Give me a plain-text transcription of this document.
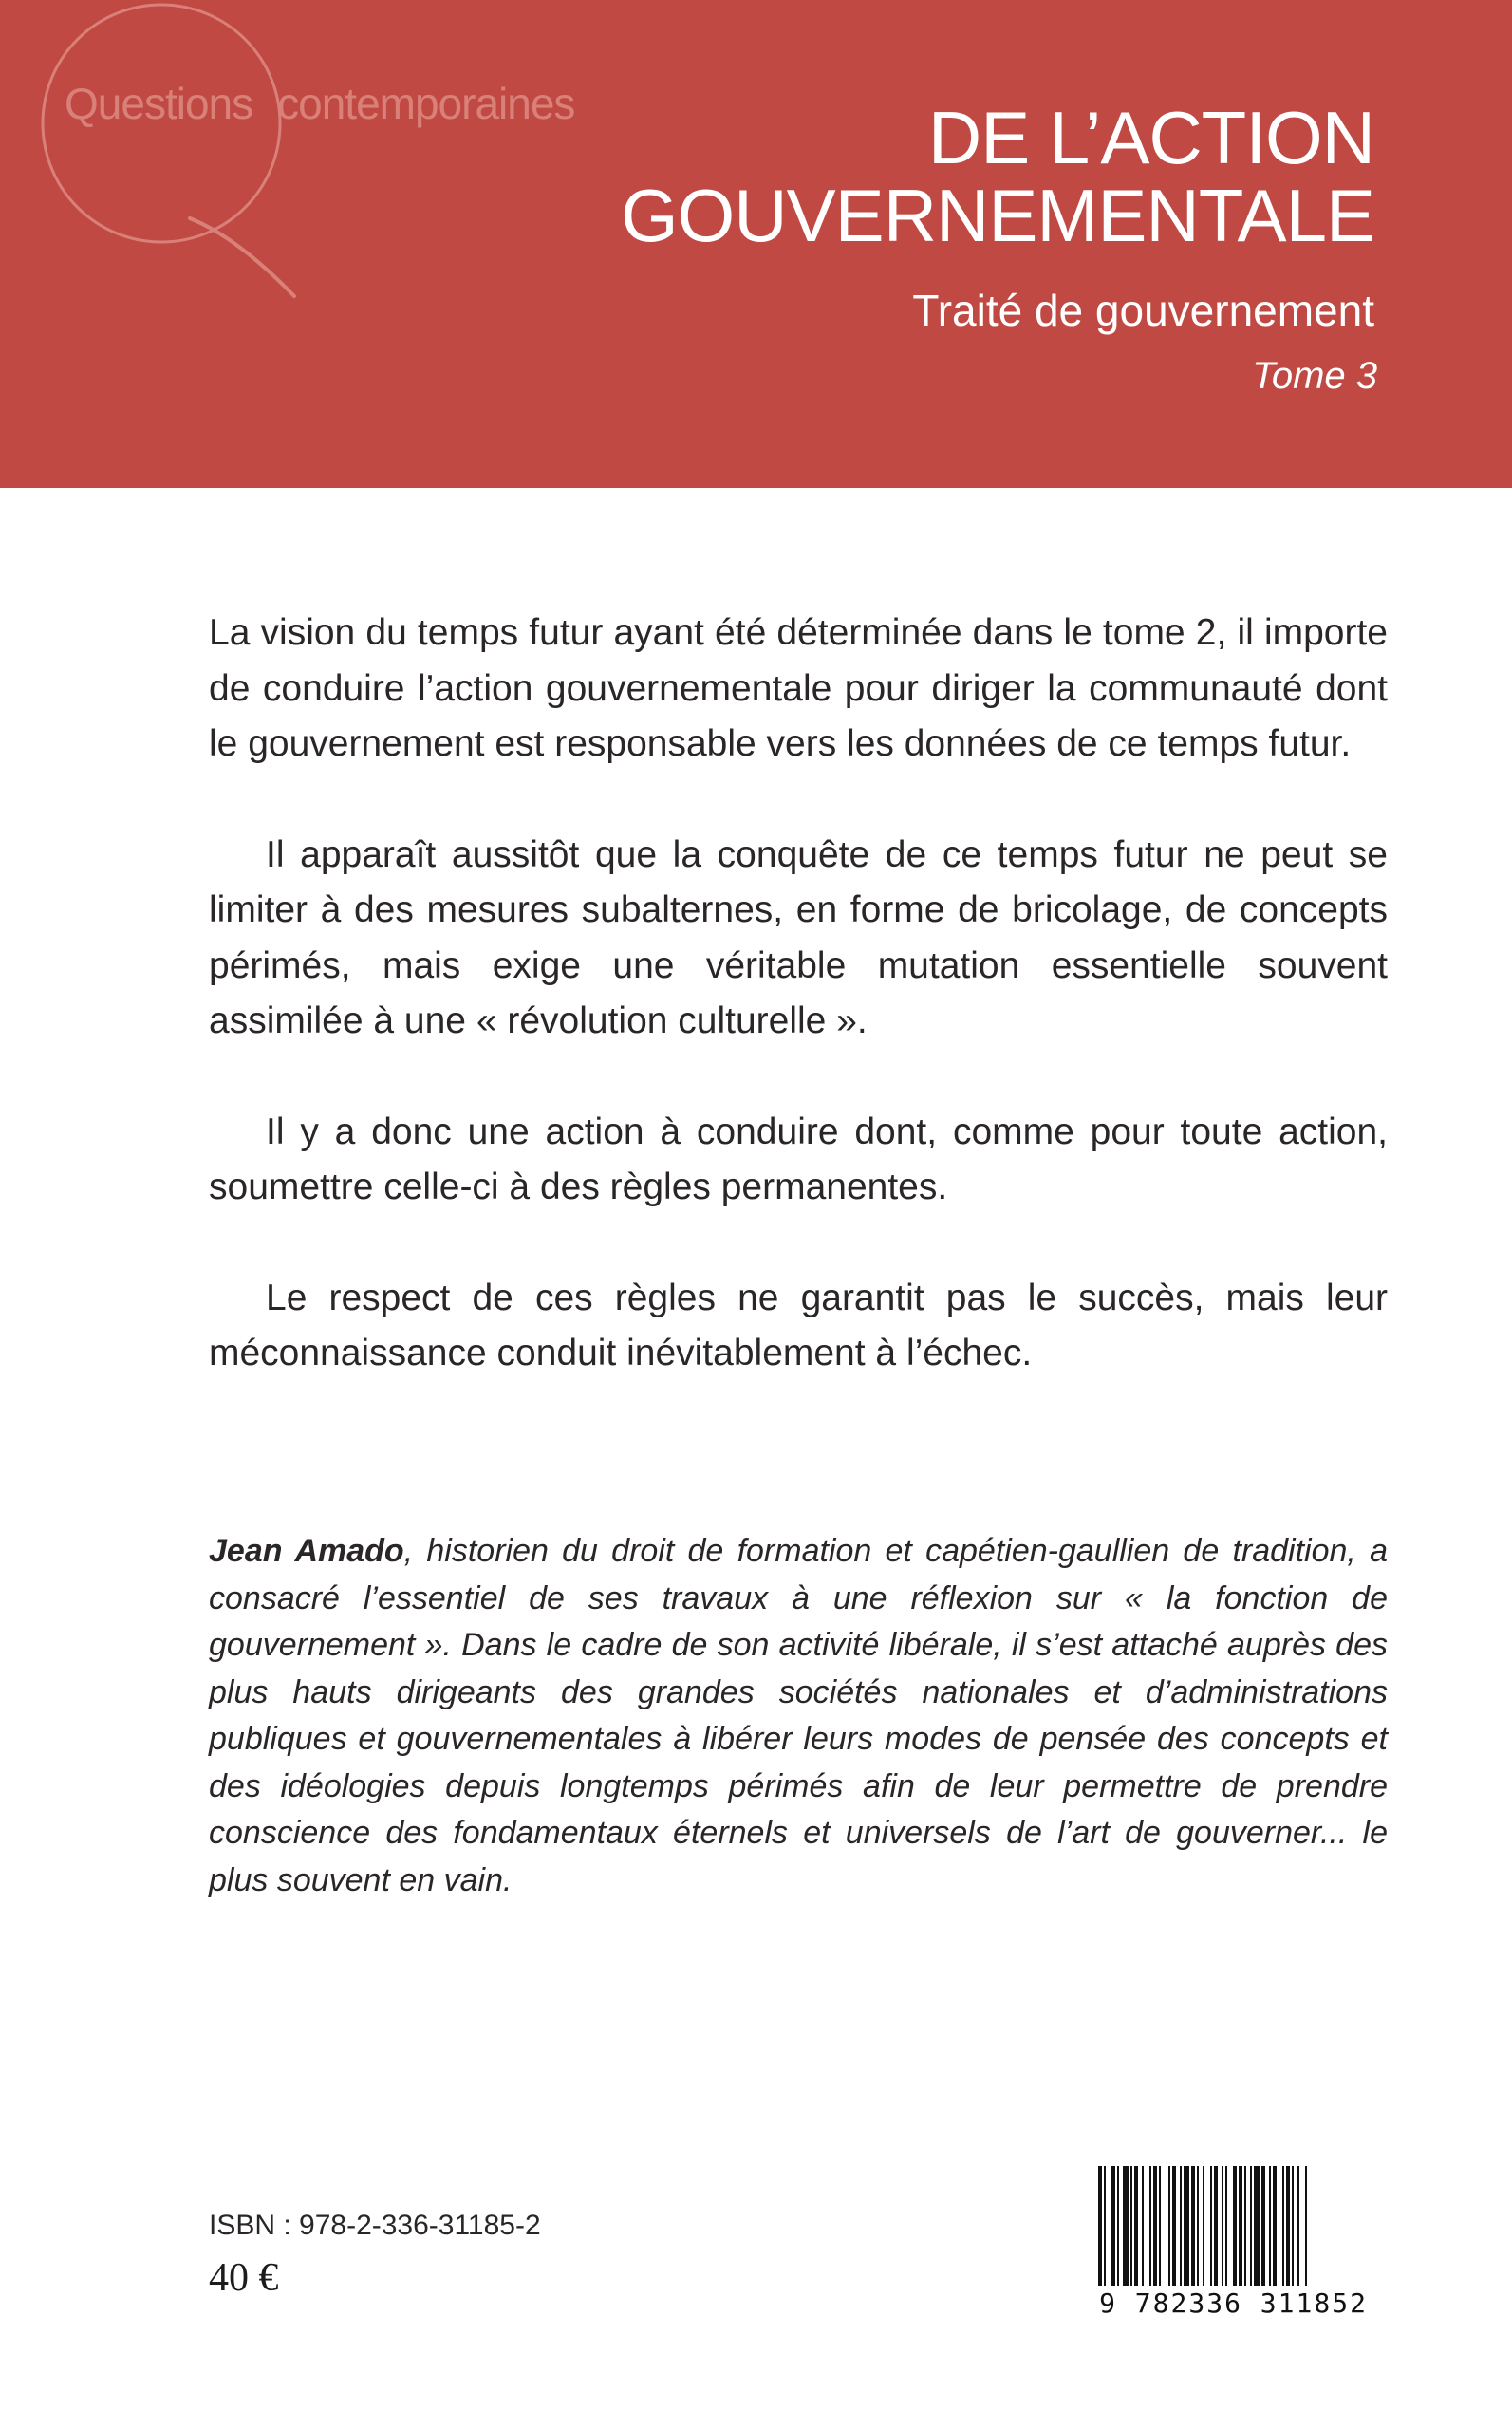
Questions contemporaines	DE L’ACTION
GOUVERNEMENTALE
Traité de gouvernement
Tome 3

La vision du temps futur ayant été déterminée dans le tome 2, il importe de conduire l’action gouvernementale pour diriger la communauté dont le gouvernement est responsable vers les données de ce temps futur.

Il apparaît aussitôt que la conquête de ce temps futur ne peut se limiter à des mesures subalternes, en forme de bricolage, de concepts périmés, mais exige une véritable mutation essentielle souvent assimilée à une « révolution culturelle ».

Il y a donc une action à conduire dont, comme pour toute action, soumettre celle-ci à des règles permanentes.

Le respect de ces règles ne garantit pas le succès, mais leur méconnaissance conduit inévitablement à l’échec.

Jean Amado, historien du droit de formation et capétien-gaullien de tradition, a consacré l’essentiel de ses travaux à une réflexion sur « la fonction de gouvernement ». Dans le cadre de son activité libérale, il s’est attaché auprès des plus hauts dirigeants des grandes sociétés nationales et d’administrations publiques et gouvernementales à libérer leurs modes de pensée des concepts et des idéologies depuis longtemps périmés afin de leur permettre de prendre conscience des fondamentaux éternels et universels de l’art de gouverner... le plus souvent en vain.

ISBN : 978-2-336-31185-2
40 €
9 782336 311852
